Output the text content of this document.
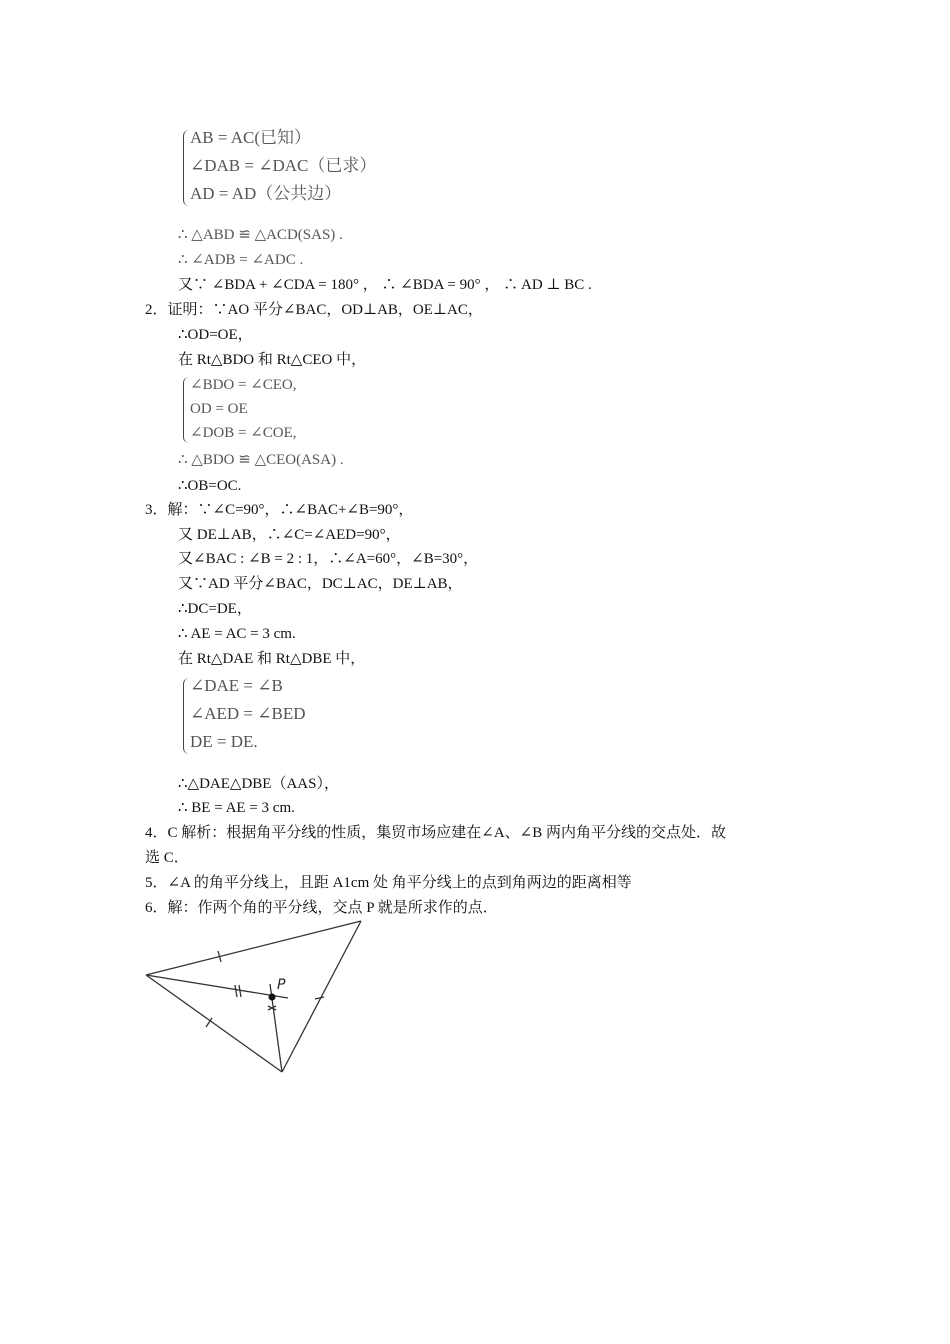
AB = AC(已知）
∠DAB = ∠DAC（已求）
AD = AD（公共边）
∴ △ABD ≌ △ACD(SAS) .
∴ ∠ADB = ∠ADC .
又∵ ∠BDA + ∠CDA = 180° ， ∴ ∠BDA = 90° ， ∴ AD ⊥ BC .
2．证明：∵AO 平分∠BAC，OD⊥AB，OE⊥AC，
∴OD=OE，
在 Rt△BDO 和 Rt△CEO 中，
∠BDO = ∠CEO,
OD = OE
∠DOB = ∠COE,
∴ △BDO ≌ △CEO(ASA) .
∴OB=OC.
3．解：∵∠C=90°，∴∠BAC+∠B=90°，
又 DE⊥AB，∴∠C=∠AED=90°，
又∠BAC : ∠B = 2 : 1，∴∠A=60°，∠B=30°，
又∵AD 平分∠BAC，DC⊥AC，DE⊥AB，
∴DC=DE，
∴ AE = AC = 3 cm.
在 Rt△DAE 和 Rt△DBE 中，
∠DAE = ∠B
∠AED = ∠BED
DE = DE.
∴△DAE△DBE（AAS），
∴ BE = AE = 3 cm.
4．C 解析：根据角平分线的性质，集贸市场应建在∠A、∠B 两内角平分线的交点处．故
选 C．
5．∠A 的角平分线上，且距 A1cm 处 角平分线上的点到角两边的距离相等
6．解：作两个角的平分线，交点 P 就是所求作的点．
P
